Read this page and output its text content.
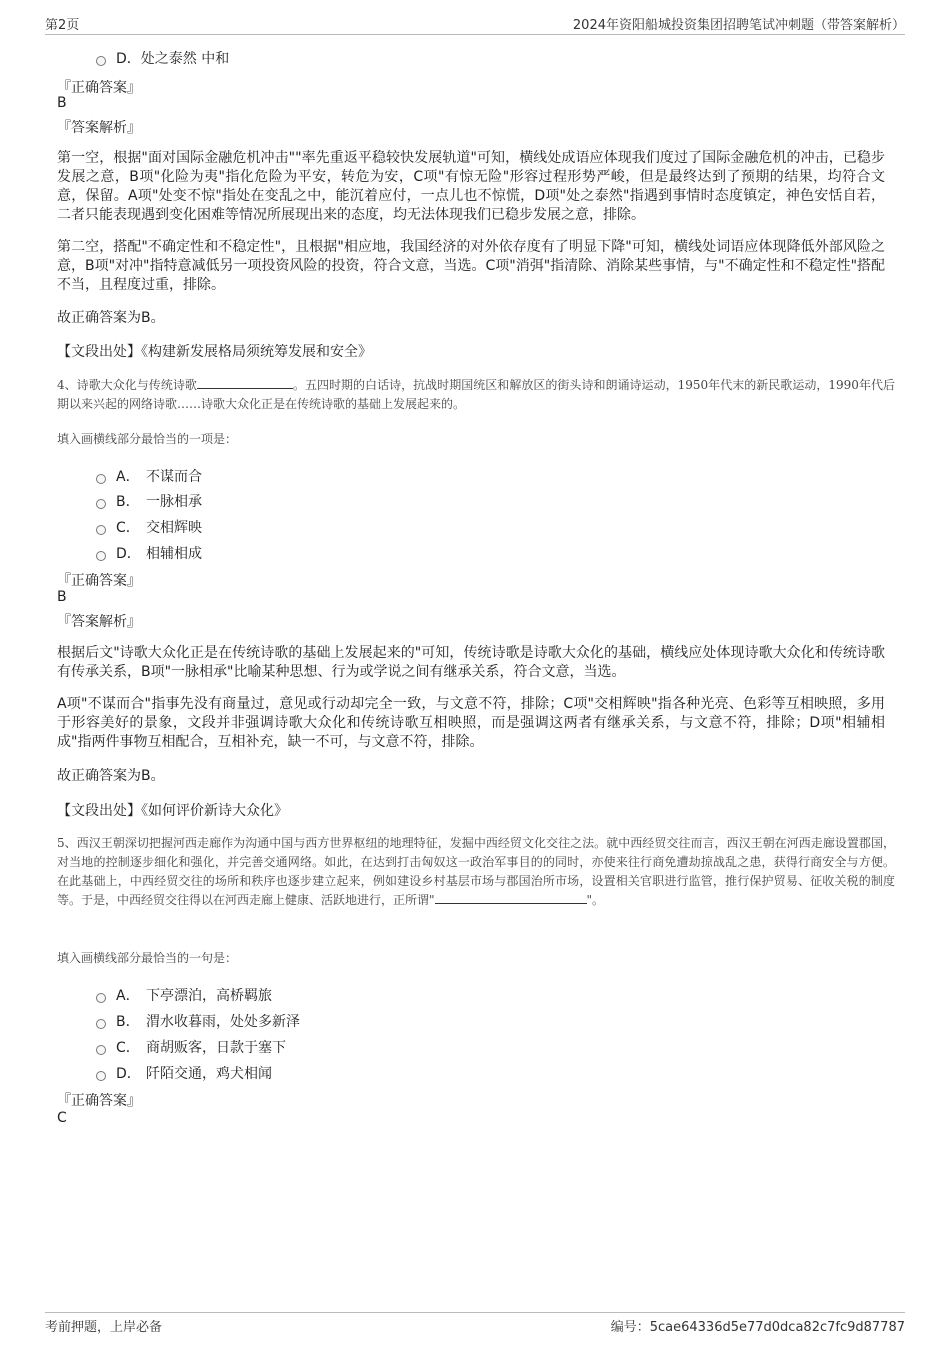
第2页	2024年资阳船城投资集团招聘笔试冲刺题（带答案解析）
D．处之泰然 中和
『正确答案』
B
『答案解析』
第一空，根据"面对国际金融危机冲击""率先重返平稳较快发展轨道"可知，横线处成语应体现我们度过了国际金融危机的冲击，已稳步发展之意，B项"化险为夷"指化危险为平安，转危为安，C项"有惊无险"形容过程形势严峻，但是最终达到了预期的结果，均符合文意，保留。A项"处变不惊"指处在变乱之中，能沉着应付，一点儿也不惊慌，D项"处之泰然"指遇到事情时态度镇定，神色安恬自若，二者只能表现遇到变化困难等情况所展现出来的态度，均无法体现我们已稳步发展之意，排除。
第二空，搭配"不确定性和不稳定性"，且根据"相应地，我国经济的对外依存度有了明显下降"可知，横线处词语应体现降低外部风险之意，B项"对冲"指特意减低另一项投资风险的投资，符合文意，当选。C项"消弭"指清除、消除某些事情，与"不确定性和不稳定性"搭配不当，且程度过重，排除。
故正确答案为B。
【文段出处】《构建新发展格局须统筹发展和安全》
4、诗歌大众化与传统诗歌	。五四时期的白话诗，抗战时期国统区和解放区的街头诗和朗诵诗运动，1950年代末的新民歌运动，1990年代后期以来兴起的网络诗歌……诗歌大众化正是在传统诗歌的基础上发展起来的。
填入画横线部分最恰当的一项是：
A． 不谋而合
B． 一脉相承
C． 交相辉映
D． 相辅相成
『正确答案』
B
『答案解析』
根据后文"诗歌大众化正是在传统诗歌的基础上发展起来的"可知，传统诗歌是诗歌大众化的基础，横线应处体现诗歌大众化和传统诗歌有传承关系，B项"一脉相承"比喻某种思想、行为或学说之间有继承关系，符合文意，当选。
A项"不谋而合"指事先没有商量过，意见或行动却完全一致，与文意不符，排除；C项"交相辉映"指各种光亮、色彩等互相映照，多用于形容美好的景象，文段并非强调诗歌大众化和传统诗歌互相映照，而是强调这两者有继承关系，与文意不符，排除；D项"相辅相成"指两件事物互相配合，互相补充，缺一不可，与文意不符，排除。
故正确答案为B。
【文段出处】《如何评价新诗大众化》
5、西汉王朝深切把握河西走廊作为沟通中国与西方世界枢纽的地理特征，发掘中西经贸文化交往之法。就中西经贸交往而言，西汉王朝在河西走廊设置郡国，对当地的控制逐步细化和强化，并完善交通网络。如此，在达到打击匈奴这一政治军事目的的同时，亦使来往行商免遭劫掠战乱之患，获得行商安全与方便。在此基础上，中西经贸交往的场所和秩序也逐步建立起来，例如建设乡村基层市场与郡国治所市场，设置相关官职进行监管，推行保护贸易、征收关税的制度等。于是，中西经贸交往得以在河西走廊上健康、活跃地进行，正所谓"	"。
填入画横线部分最恰当的一句是：
A． 下亭漂泊，高桥羁旅
B． 渭水收暮雨，处处多新泽
C． 商胡贩客，日款于塞下
D． 阡陌交通，鸡犬相闻
『正确答案』
C
考前押题，上岸必备	编号：5cae64336d5e77d0dca82c7fc9d87787
